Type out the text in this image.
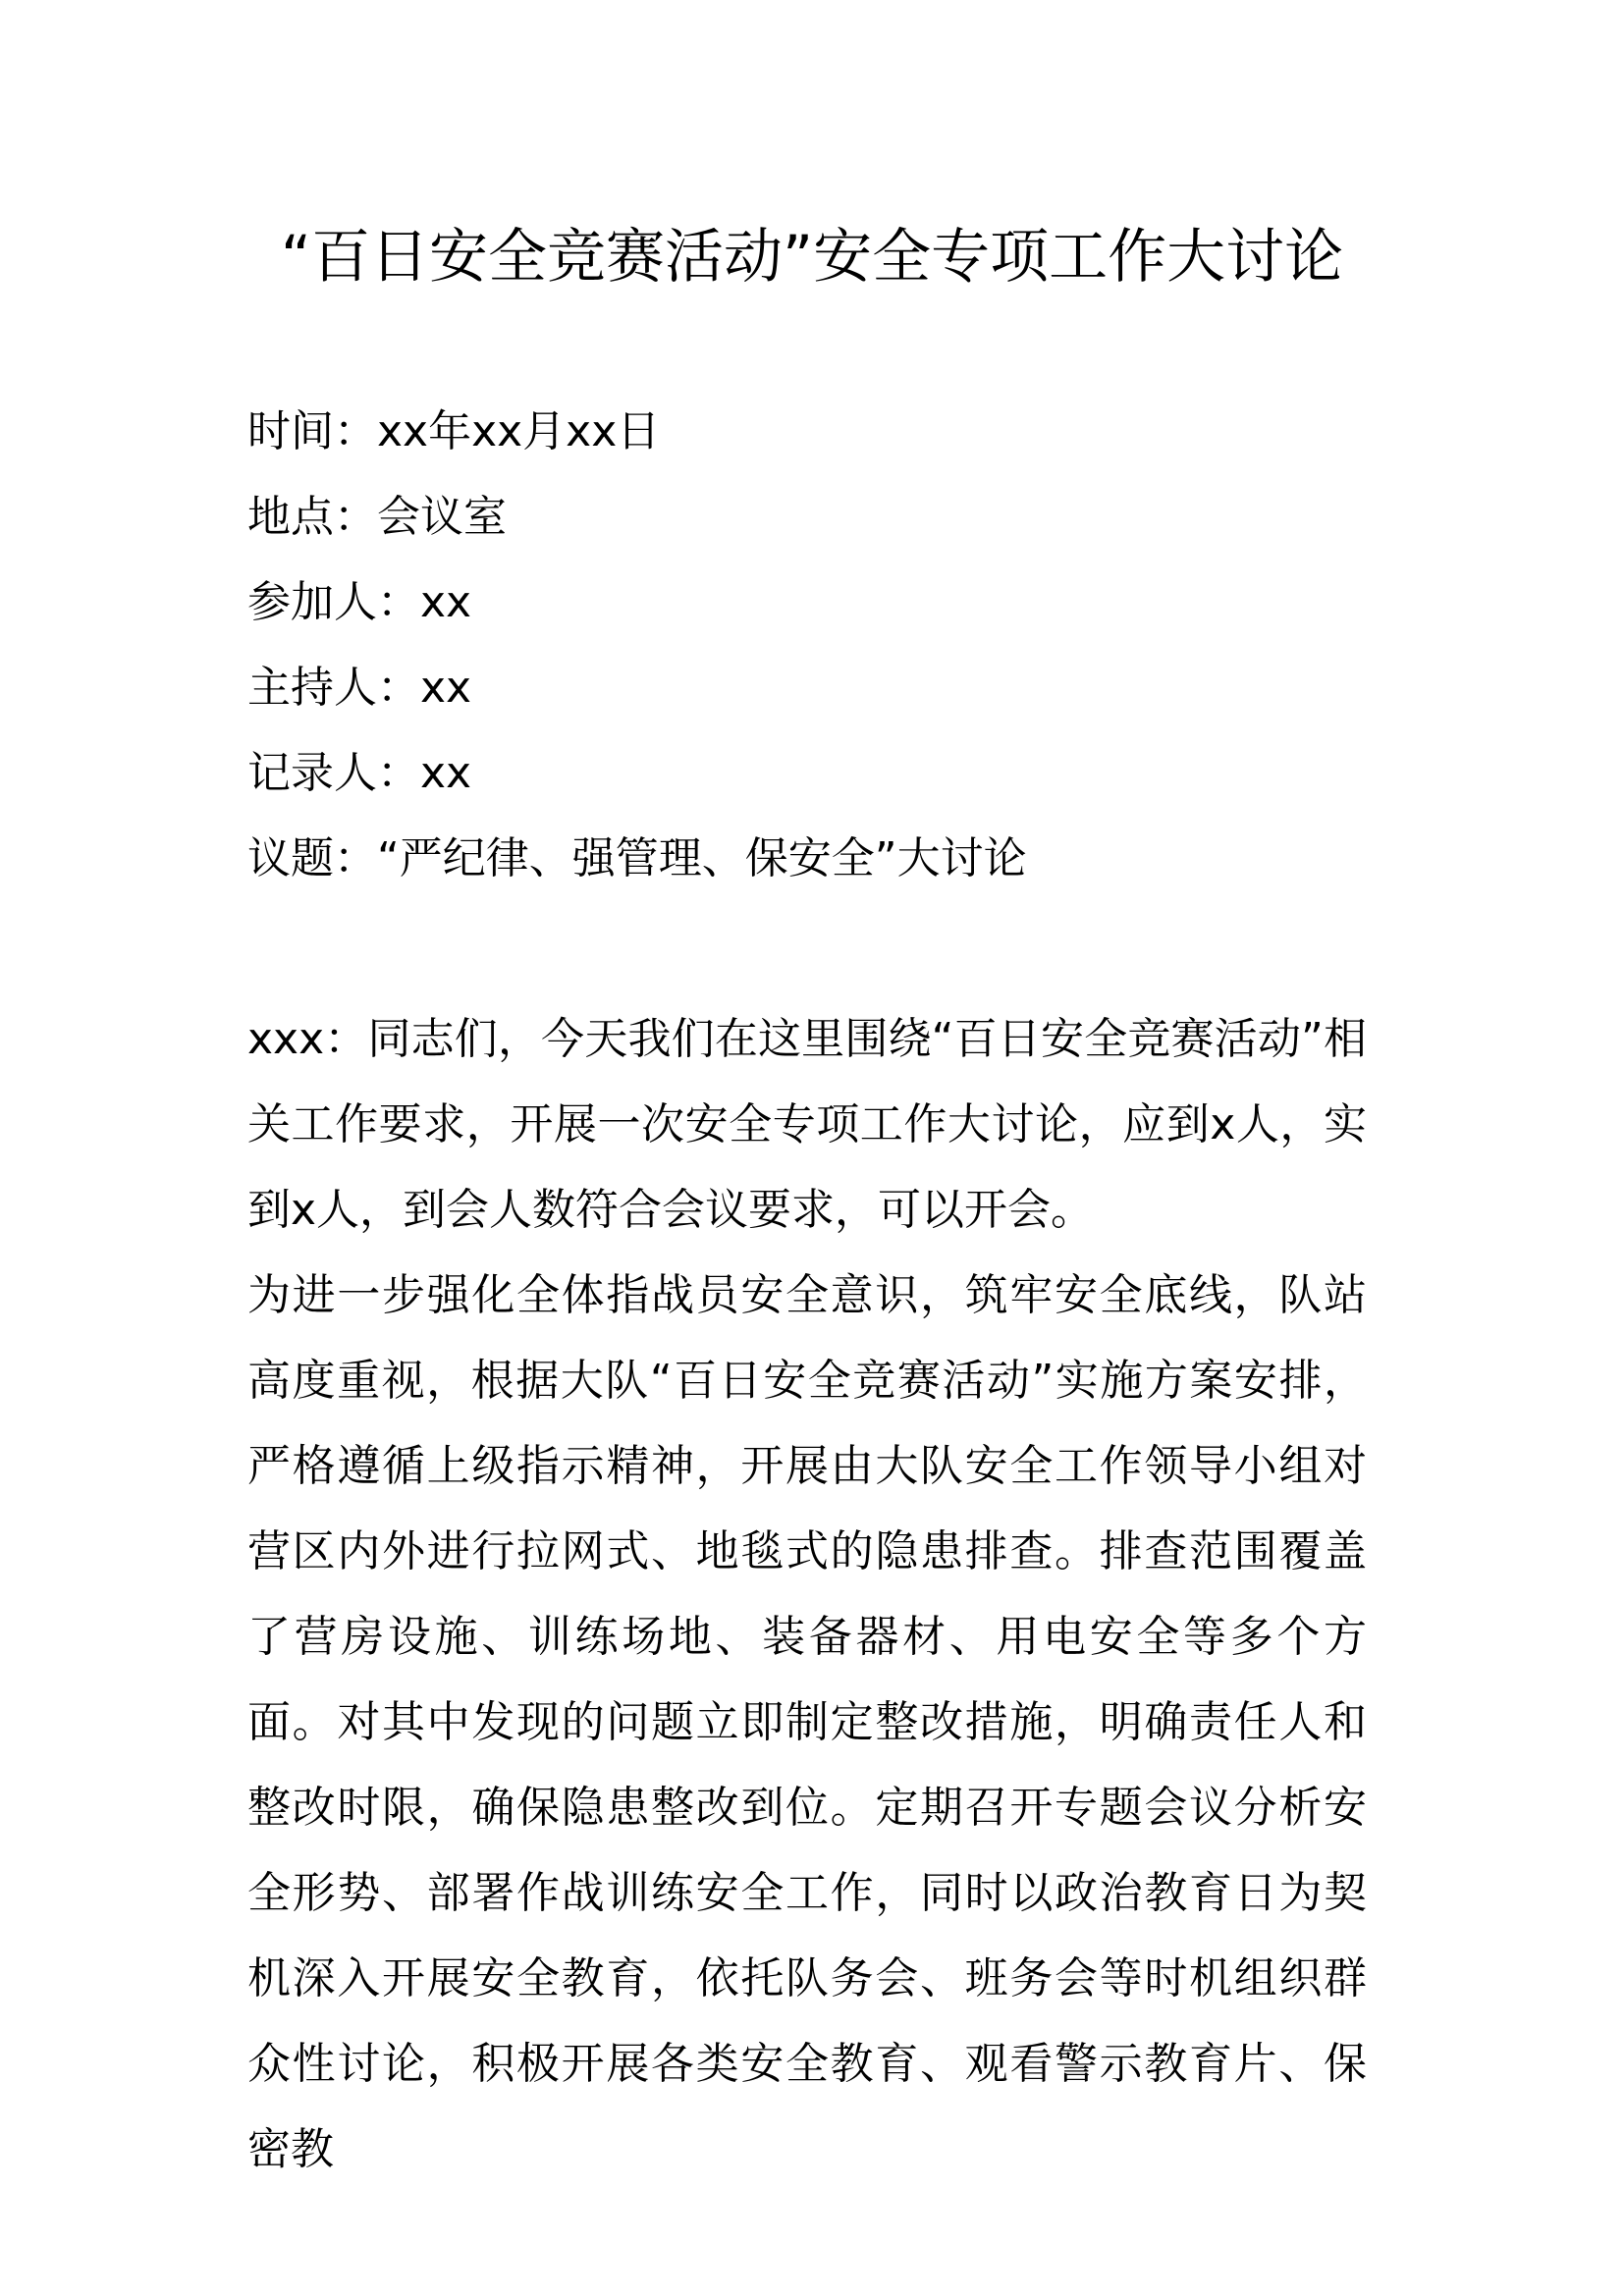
“百日安全竞赛活动”安全专项工作大讨论
时间：xx年xx月xx日
地点：会议室
参加人：xx
主持人：xx
记录人：xx
议题：“严纪律、强管理、保安全”大讨论

xxx：同志们，今天我们在这里围绕“百日安全竞赛活动”相关工作要求，开展一次安全专项工作大讨论，应到x人，实到x人，到会人数符合会议要求，可以开会。

为进一步强化全体指战员安全意识，筑牢安全底线，队站高度重视，根据大队“百日安全竞赛活动”实施方案安排，严格遵循上级指示精神，开展由大队安全工作领导小组对营区内外进行拉网式、地毯式的隐患排查。排查范围覆盖了营房设施、训练场地、装备器材、用电安全等多个方面。对其中发现的问题立即制定整改措施，明确责任人和整改时限，确保隐患整改到位。定期召开专题会议分析安全形势、部署作战训练安全工作，同时以政治教育日为契机深入开展安全教育，依托队务会、班务会等时机组织群众性讨论，积极开展各类安全教育、观看警示教育片、保密教
